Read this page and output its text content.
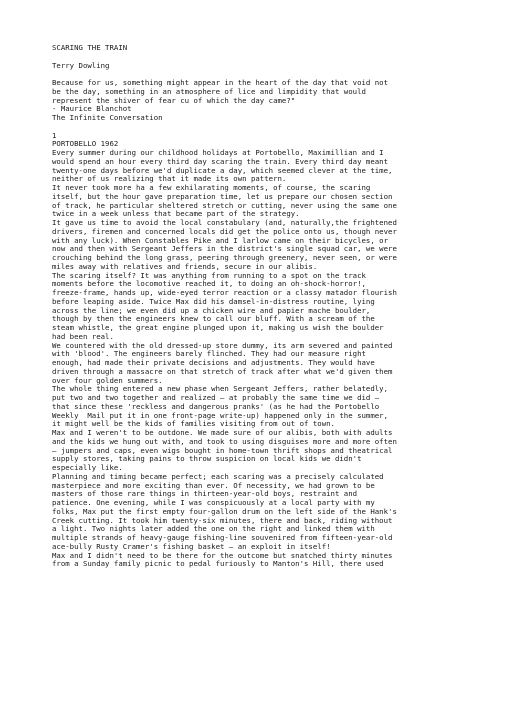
SCARING THE TRAIN
Terry Dowling
Because for us, something might appear in the heart of the day that void not
be the day, something in an atmosphere of lice and limpidity that would
represent the shiver of fear cu of which the day came?"
- Maurice Blanchot
The Infinite Conversation
1
PORTOBELLO 1962
Every summer during our childhood holidays at Portobello, Maximillian and I
would spend an hour every third day scaring the train. Every third day meant
twenty-one days before we'd duplicate a day, which seemed clever at the time,
neither of us realizing that it made its own pattern.
It never took more ha a few exhilarating moments, of course, the scaring
itself, but the hour gave preparation time, let us prepare our chosen section
of track, he particular sheltered stretch or cutting, never using the same one
twice in a week unless that became part of the strategy.
It gave us time to avoid the local constabulary (and, naturally,the frightened
drivers, firemen and concerned locals did get the police onto us, though never
with any luck). When Constables Pike and I larlow came on their bicycles, or
now and then with Sergeant Jeffers in the district's single squad car, we were
crouching behind the long grass, peering through greenery, never seen, or were
miles away with relatives and friends, secure in our alibis.
The scaring itself? It was anything from running to a spot on the track
moments before the locomotive reached it, to doing an oh-shock-horror!,
freeze-frame, hands up, wide-eyed terror reaction or a classy matador flourish
before leaping aside. Twice Max did his damsel-in-distress routine, lying
across the line; we even did up a chicken wire and papier mache boulder,
though by then the engineers knew to call our bluff. With a scream of the
steam whistle, the great engine plunged upon it, making us wish the boulder
had been real.
We countered with the old dressed-up store dummy, its arm severed and painted
with 'blood'. The engineers barely flinched. They had our measure right
enough, had made their private decisions and adjustments. They would have
driven through a massacre on that stretch of track after what we'd given them
over four golden summers.
The whole thing entered a new phase when Sergeant Jeffers, rather belatedly,
put two and two together and realized — at probably the same time we did —
that since these 'reckless and dangerous pranks' (as he had the Portobello
Weekly  Mail put it in one front-page write-up) happened only in the summer,
it might well be the kids of families visiting from out of town.
Max and I weren't to be outdone. We made sure of our alibis, both with adults
and the kids we hung out with, and took to using disguises more and more often
— jumpers and caps, even wigs bought in home-town thrift shops and theatrical
supply stores, taking pains to throw suspicion on local kids we didn't
especially like.
Planning and timing became perfect; each scaring was a precisely calculated
masterpiece and more exciting than ever. Of necessity, we had grown to be
masters of those rare things in thirteen-year-old boys, restraint and
patience. One evening, while I was conspicuously at a local party with my
folks, Max put the first empty four-gallon drum on the left side of the Hank's
Creek cutting. It took him twenty-six minutes, there and back, riding without
a light. Two nights later added the one on the right and linked them with
multiple strands of heavy-gauge fishing-line souvenired from fifteen-year-old
ace-bully Rusty Cramer's fishing basket — an exploit in itself!
Max and I didn't need to be there for the outcome but snatched thirty minutes
from a Sunday family picnic to pedal furiously to Manton's Hill, there used
